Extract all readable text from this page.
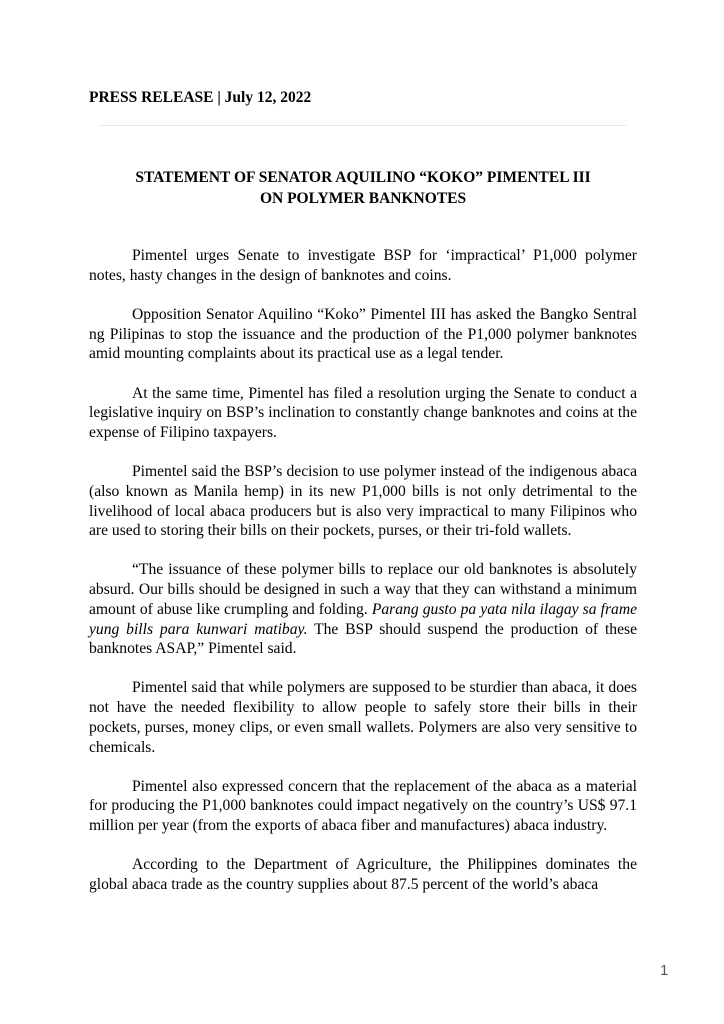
PRESS RELEASE | July 12, 2022
STATEMENT OF SENATOR AQUILINO “KOKO” PIMENTEL III
ON POLYMER BANKNOTES

Pimentel urges Senate to investigate BSP for ‘impractical’ P1,000 polymer notes, hasty changes in the design of banknotes and coins.

Opposition Senator Aquilino “Koko” Pimentel III has asked the Bangko Sentral ng Pilipinas to stop the issuance and the production of the P1,000 polymer banknotes amid mounting complaints about its practical use as a legal tender.

At the same time, Pimentel has filed a resolution urging the Senate to conduct a legislative inquiry on BSP’s inclination to constantly change banknotes and coins at the expense of Filipino taxpayers.

Pimentel said the BSP’s decision to use polymer instead of the indigenous abaca (also known as Manila hemp) in its new P1,000 bills is not only detrimental to the livelihood of local abaca producers but is also very impractical to many Filipinos who are used to storing their bills on their pockets, purses, or their tri-fold wallets.

“The issuance of these polymer bills to replace our old banknotes is absolutely absurd. Our bills should be designed in such a way that they can withstand a minimum amount of abuse like crumpling and folding. Parang gusto pa yata nila ilagay sa frame yung bills para kunwari matibay. The BSP should suspend the production of these banknotes ASAP,” Pimentel said.

Pimentel said that while polymers are supposed to be sturdier than abaca, it does not have the needed flexibility to allow people to safely store their bills in their pockets, purses, money clips, or even small wallets. Polymers are also very sensitive to chemicals.

Pimentel also expressed concern that the replacement of the abaca as a material for producing the P1,000 banknotes could impact negatively on the country’s US$ 97.1 million per year (from the exports of abaca fiber and manufactures) abaca industry.

According to the Department of Agriculture, the Philippines dominates the global abaca trade as the country supplies about 87.5 percent of the world’s abaca

1
